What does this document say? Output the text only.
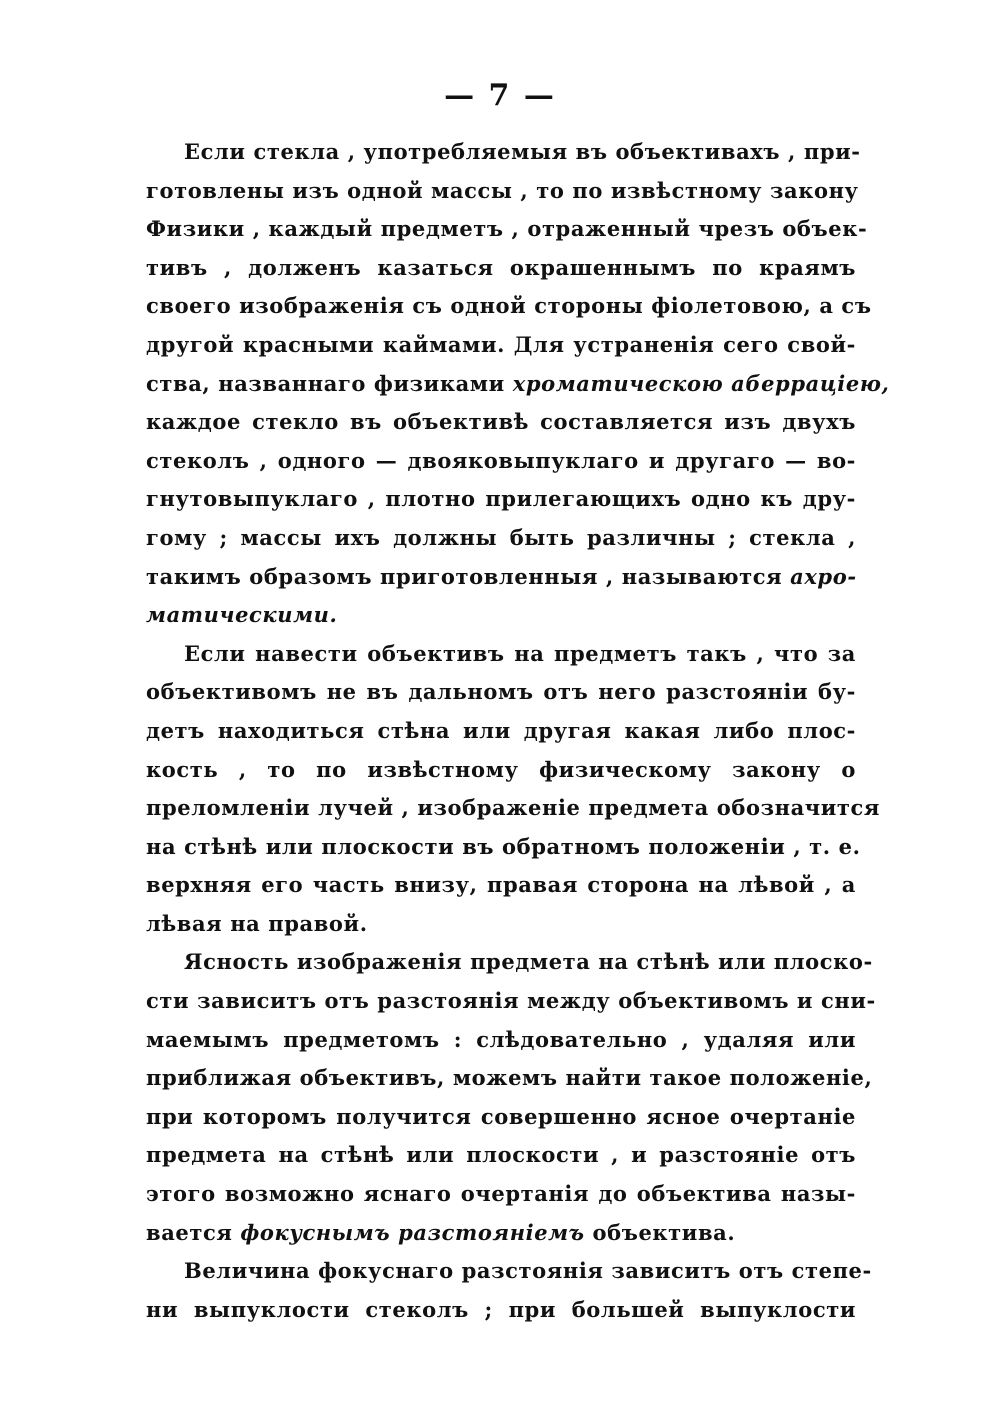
— 7 —
Если стекла , употребляемыя въ объективахъ , при-
готовлены изъ одной массы , то по извѣстному закону
Физики , каждый предметъ , отраженный чрезъ объек-
тивъ , долженъ казаться окрашеннымъ по краямъ
своего изображенія съ одной стороны фіолетовою, а съ
другой красными каймами. Для устраненія сего свой-
ства, названнаго физиками хроматическою аберраціею,
каждое стекло въ объективѣ составляется изъ двухъ
стеколъ , одного — двояковыпуклаго и другаго — во-
гнутовыпуклаго , плотно прилегающихъ одно къ дру-
гому ; массы ихъ должны быть различны ; стекла ,
такимъ образомъ приготовленныя , называются ахро-
матическими.
Если навести объективъ на предметъ такъ , что за
объективомъ не въ дальномъ отъ него разстояніи бу-
детъ находиться стѣна или другая какая либо плос-
кость , то по извѣстному физическому закону о
преломленіи лучей , изображеніе предмета обозначится
на стѣнѣ или плоскости въ обратномъ положеніи , т. е.
верхняя его часть внизу, правая сторона на лѣвой , а
лѣвая на правой.
Ясность изображенія предмета на стѣнѣ или плоско-
сти зависитъ отъ разстоянія между объективомъ и сни-
маемымъ предметомъ : слѣдовательно , удаляя или
приближая объективъ, можемъ найти такое положеніе,
при которомъ получится совершенно ясное очертаніе
предмета на стѣнѣ или плоскости , и разстояніе отъ
этого возможно яснаго очертанія до объектива назы-
вается фокуснымъ разстояніемъ объектива.
Величина фокуснаго разстоянія зависитъ отъ степе-
ни выпуклости стеколъ ; при большей выпуклости
